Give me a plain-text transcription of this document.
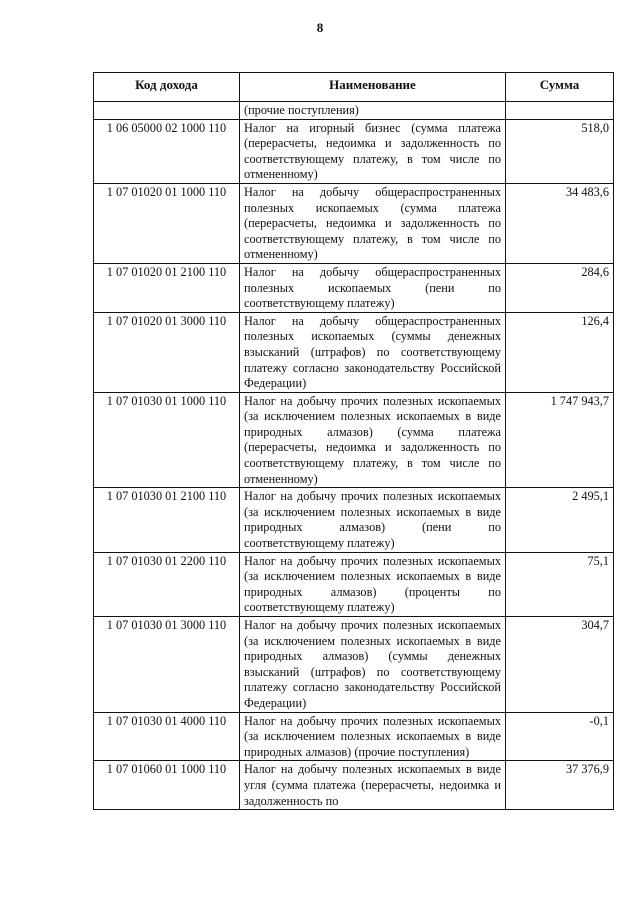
8
Код дохода	Наименование	Сумма
	(прочие поступления)	
1 06 05000 02 1000 110	Налог на игорный бизнес (сумма платежа (перерасчеты, недоимка и задолженность по соответствующему платежу, в том числе по отмененному)	518,0
1 07 01020 01 1000 110	Налог на добычу общераспространенных полезных ископаемых (сумма платежа (перерасчеты, недоимка и задолженность по соответствующему платежу, в том числе по отмененному)	34 483,6
1 07 01020 01 2100 110	Налог на добычу общераспространенных полезных ископаемых (пени по соответствующему платежу)	284,6
1 07 01020 01 3000 110	Налог на добычу общераспространенных полезных ископаемых (суммы денежных взысканий (штрафов) по соответствующему платежу согласно законодательству Российской Федерации)	126,4
1 07 01030 01 1000 110	Налог на добычу прочих полезных ископаемых (за исключением полезных ископаемых в виде природных алмазов) (сумма платежа (перерасчеты, недоимка и задолженность по соответствующему платежу, в том числе по отмененному)	1 747 943,7
1 07 01030 01 2100 110	Налог на добычу прочих полезных ископаемых (за исключением полезных ископаемых в виде природных алмазов) (пени по соответствующему платежу)	2 495,1
1 07 01030 01 2200 110	Налог на добычу прочих полезных ископаемых (за исключением полезных ископаемых в виде природных алмазов) (проценты по соответствующему платежу)	75,1
1 07 01030 01 3000 110	Налог на добычу прочих полезных ископаемых (за исключением полезных ископаемых в виде природных алмазов) (суммы денежных взысканий (штрафов) по соответствующему платежу согласно законодательству Российской Федерации)	304,7
1 07 01030 01 4000 110	Налог на добычу прочих полезных ископаемых (за исключением полезных ископаемых в виде природных алмазов) (прочие поступления)	-0,1
1 07 01060 01 1000 110	Налог на добычу полезных ископаемых в виде угля (сумма платежа (перерасчеты, недоимка и задолженность по	37 376,9
